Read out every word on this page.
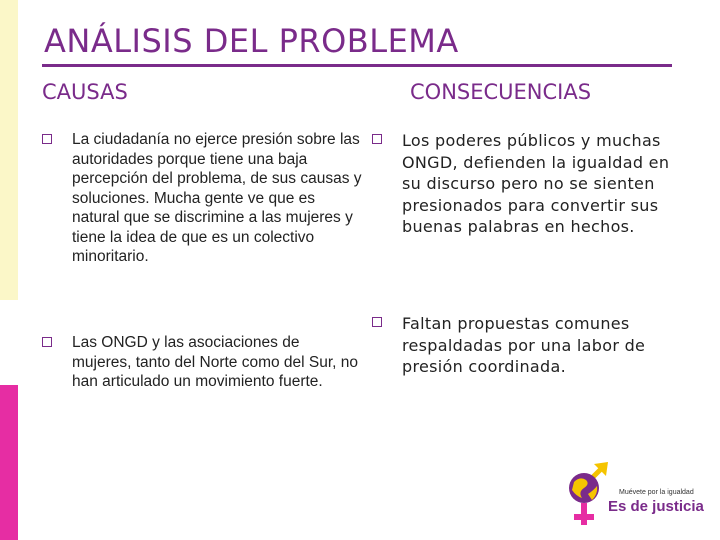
ANÁLISIS DEL PROBLEMA
CAUSAS	CONSECUENCIAS
La ciudadanía no ejerce presión sobre las autoridades porque tiene una baja percepción del problema, de sus causas y soluciones. Mucha gente ve que es natural que se discrimine a las mujeres y tiene la idea de que es un colectivo minoritario.
Las ONGD y las asociaciones de mujeres, tanto del Norte como del Sur, no han articulado un movimiento fuerte.
Los poderes públicos y muchas ONGD, defienden la igualdad en su discurso pero no se sienten presionados para convertir sus buenas palabras en hechos.
Faltan propuestas comunes respaldadas por una labor de presión coordinada.
Muévete por la igualdad
Es de justicia
